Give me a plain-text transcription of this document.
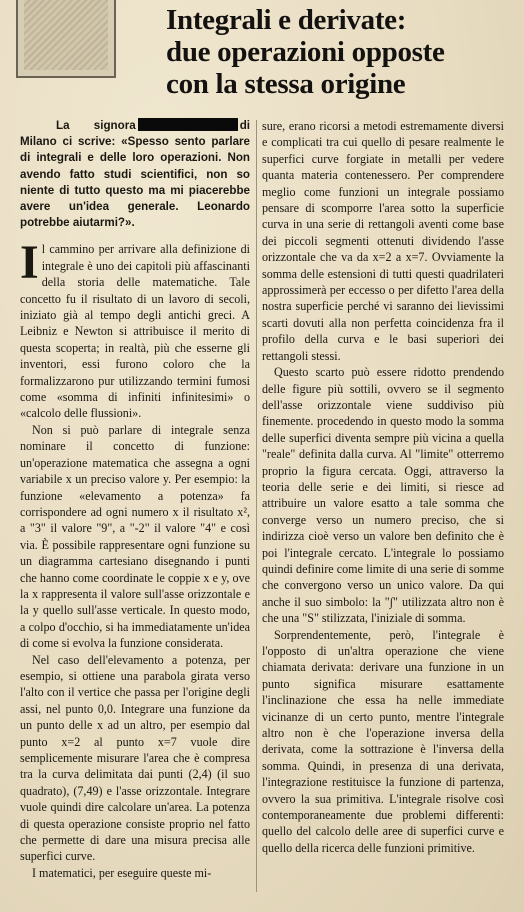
Integrali e derivate:
due operazioni opposte
con la stessa origine

La signora	di Milano ci scrive: «Spesso sento parlare di integrali e delle loro operazioni. Non avendo fatto studi scientifici, non so niente di tutto questo ma mi piacerebbe avere un'idea generale. Leonardo potrebbe aiutarmi?».

Il cammino per arrivare alla definizione di integrale è uno dei capitoli più affascinanti della storia delle matematiche. Tale concetto fu il risultato di un lavoro di secoli, iniziato già al tempo degli antichi greci. A Leibniz e Newton si attribuisce il merito di questa scoperta; in realtà, più che esserne gli inventori, essi furono coloro che la formalizzarono pur utilizzando termini fumosi come «somma di infiniti infinitesimi» o «calcolo delle flussioni».

Non si può parlare di integrale senza nominare il concetto di funzione: un'operazione matematica che assegna a ogni variabile x un preciso valore y. Per esempio: la funzione «elevamento a potenza» fa corrispondere ad ogni numero x il risultato x², a "3" il valore "9", a "-2" il valore "4" e così via. È possibile rappresentare ogni funzione su un diagramma cartesiano disegnando i punti che hanno come coordinate le coppie x e y, ove la x rappresenta il valore sull'asse orizzontale e la y quello sull'asse verticale. In questo modo, a colpo d'occhio, si ha immediatamente un'idea di come si evolva la funzione considerata.

Nel caso dell'elevamento a potenza, per esempio, si ottiene una parabola girata verso l'alto con il vertice che passa per l'origine degli assi, nel punto 0,0. Integrare una funzione da un punto delle x ad un altro, per esempio dal punto x=2 al punto x=7 vuole dire semplicemente misurare l'area che è compresa tra la curva delimitata dai punti (2,4) (il suo quadrato), (7,49) e l'asse orizzontale. Integrare vuole quindi dire calcolare un'area. La potenza di questa operazione consiste proprio nel fatto che permette di dare una misura precisa alle superfici curve.

I matematici, per eseguire queste mi-

sure, erano ricorsi a metodi estremamente diversi e complicati tra cui quello di pesare realmente le superfici curve forgiate in metalli per vedere quanta materia contenessero. Per comprendere meglio come funzioni un integrale possiamo pensare di scomporre l'area sotto la superficie curva in una serie di rettangoli aventi come base dei piccoli segmenti ottenuti dividendo l'asse orizzontale che va da x=2 a x=7. Ovviamente la somma delle estensioni di tutti questi quadrilateri approssimerà per eccesso o per difetto l'area della nostra superficie perché vi saranno dei lievissimi scarti dovuti alla non perfetta coincidenza fra il profilo della curva e le basi superiori dei rettangoli stessi.

Questo scarto può essere ridotto prendendo delle figure più sottili, ovvero se il segmento dell'asse orizzontale viene suddiviso più finemente. procedendo in questo modo la somma delle superfici diventa sempre più vicina a quella "reale" definita dalla curva. Al "limite" otterremo proprio la figura cercata. Oggi, attraverso la teoria delle serie e dei limiti, si riesce ad attribuire un valore esatto a tale somma che converge verso un numero preciso, che si indirizza cioè verso un valore ben definito che è poi l'integrale cercato. L'integrale lo possiamo quindi definire come limite di una serie di somme che convergono verso un unico valore. Da qui anche il suo simbolo: la "∫" utilizzata altro non è che una "S" stilizzata, l'iniziale di somma.

Sorprendentemente, però, l'integrale è l'opposto di un'altra operazione che viene chiamata derivata: derivare una funzione in un punto significa misurare esattamente l'inclinazione che essa ha nelle immediate vicinanze di un certo punto, mentre l'integrale altro non è che l'operazione inversa della derivata, come la sottrazione è l'inversa della somma. Quindi, in presenza di una derivata, l'integrazione restituisce la funzione di partenza, ovvero la sua primitiva. L'integrale risolve così contemporaneamente due problemi differenti: quello del calcolo delle aree di superfici curve e quello della ricerca delle funzioni primitive.
